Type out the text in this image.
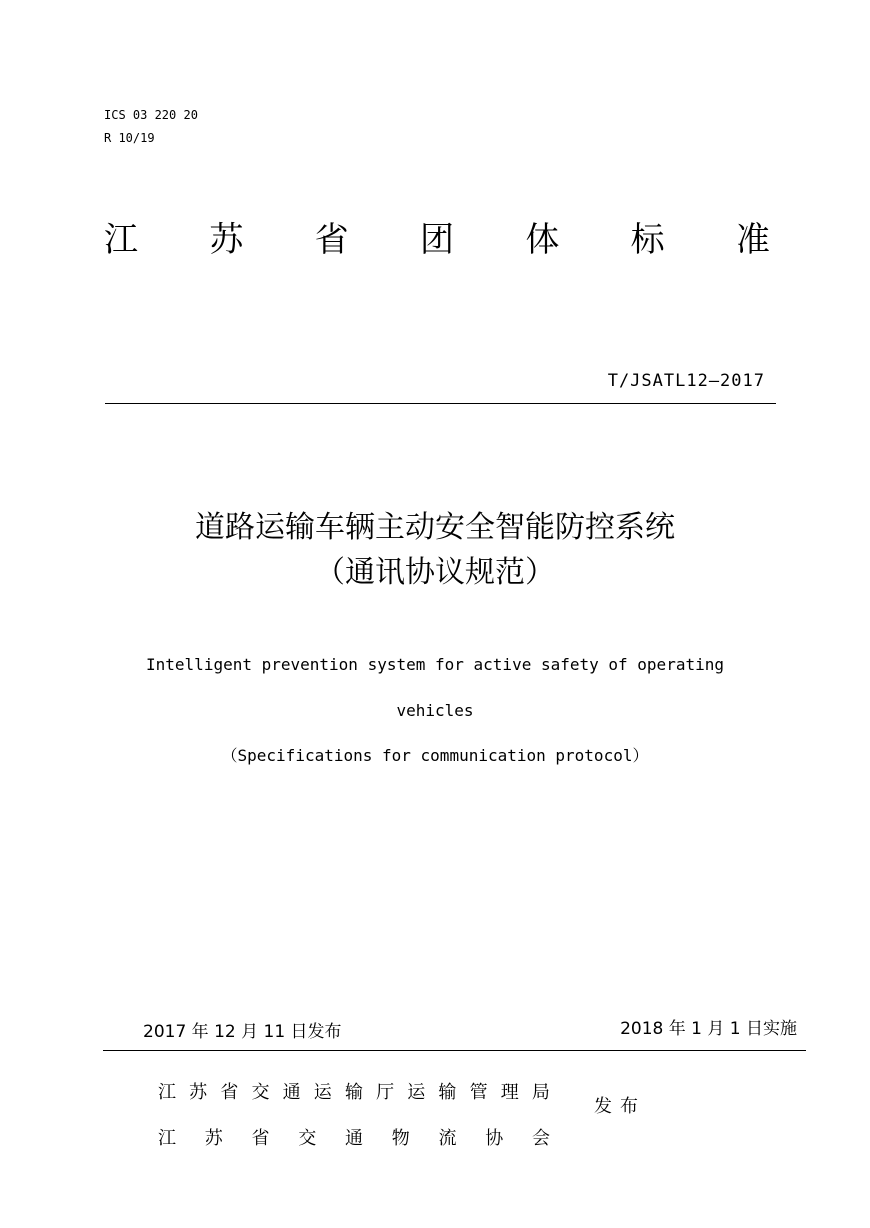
ICS 03 220 20
R 10/19
江 苏 省 团 体 标 准
T/JSATL12—2017
道路运输车辆主动安全智能防控系统
（通讯协议规范）
Intelligent prevention system for active safety of operating
vehicles
（Specifications for communication protocol）
2017 年 12 月 11 日发布	2018 年 1 月 1 日实施
江 苏 省 交 通 运 输 厅 运 输 管 理 局
江 苏 省 交 通 物 流 协 会
发布
